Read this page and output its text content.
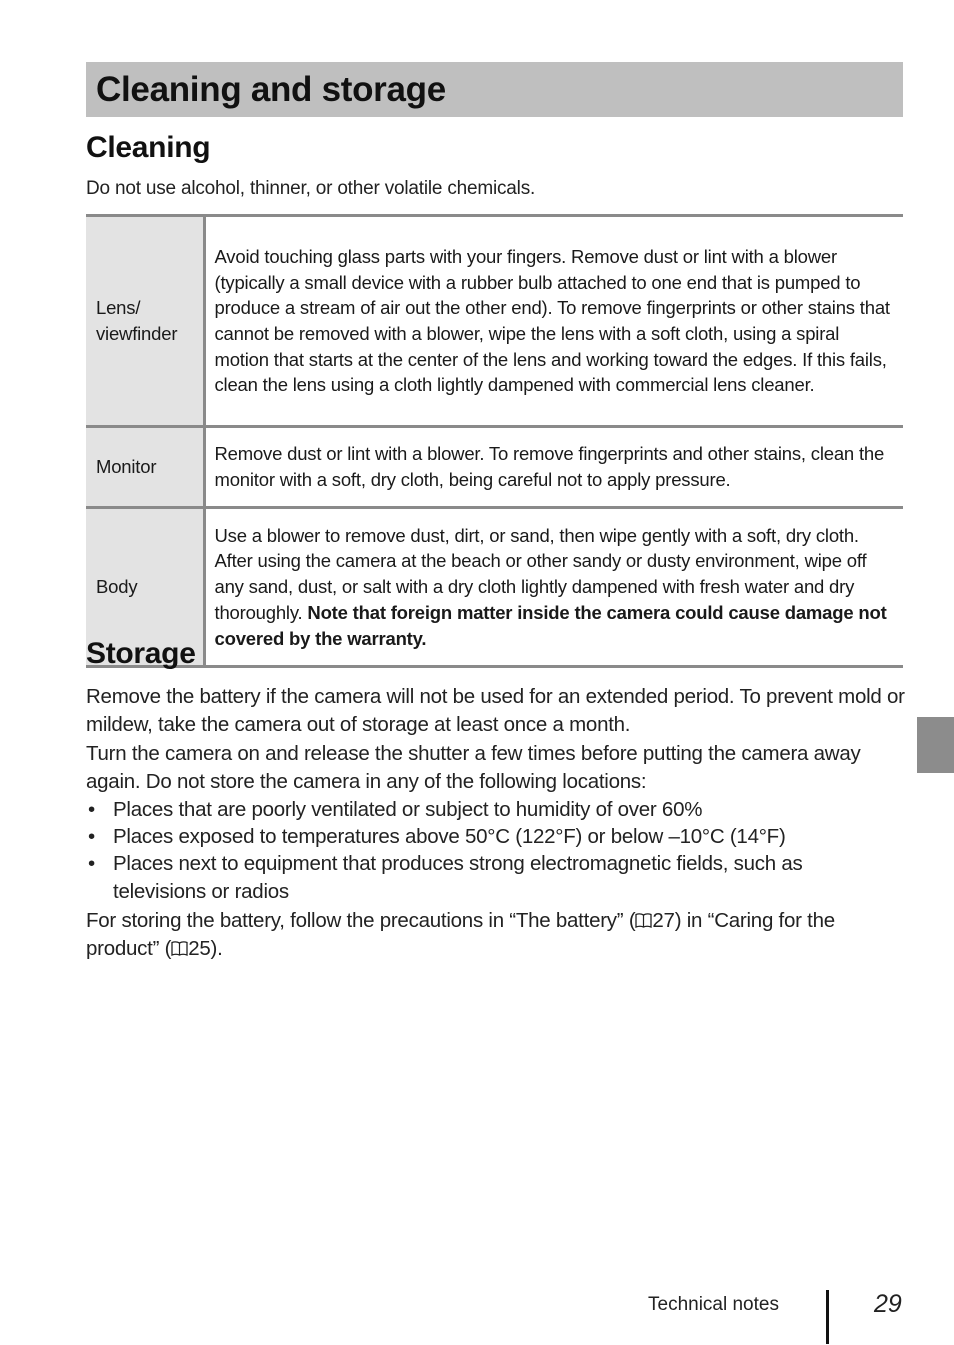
Cleaning and storage
Cleaning
Do not use alcohol, thinner, or other volatile chemicals.
Lens/ viewfinder	Avoid touching glass parts with your fingers. Remove dust or lint with a blower (typically a small device with a rubber bulb attached to one end that is pumped to produce a stream of air out the other end). To remove fingerprints or other stains that cannot be removed with a blower, wipe the lens with a soft cloth, using a spiral motion that starts at the center of the lens and working toward the edges. If this fails, clean the lens using a cloth lightly dampened with commercial lens cleaner.
Monitor	Remove dust or lint with a blower. To remove fingerprints and other stains, clean the monitor with a soft, dry cloth, being careful not to apply pressure.
Body	Use a blower to remove dust, dirt, or sand, then wipe gently with a soft, dry cloth. After using the camera at the beach or other sandy or dusty environment, wipe off any sand, dust, or salt with a dry cloth lightly dampened with fresh water and dry thoroughly. Note that foreign matter inside the camera could cause damage not covered by the warranty.
Storage

Remove the battery if the camera will not be used for an extended period. To prevent mold or mildew, take the camera out of storage at least once a month.

Turn the camera on and release the shutter a few times before putting the camera away again. Do not store the camera in any of the following locations:

• Places that are poorly ventilated or subject to humidity of over 60%
• Places exposed to temperatures above 50°C (122°F) or below –10°C (14°F)
• Places next to equipment that produces strong electromagnetic fields, such as televisions or radios

For storing the battery, follow the precautions in “The battery” ( 27) in “Caring for the product” ( 25).

Technical notes	29
